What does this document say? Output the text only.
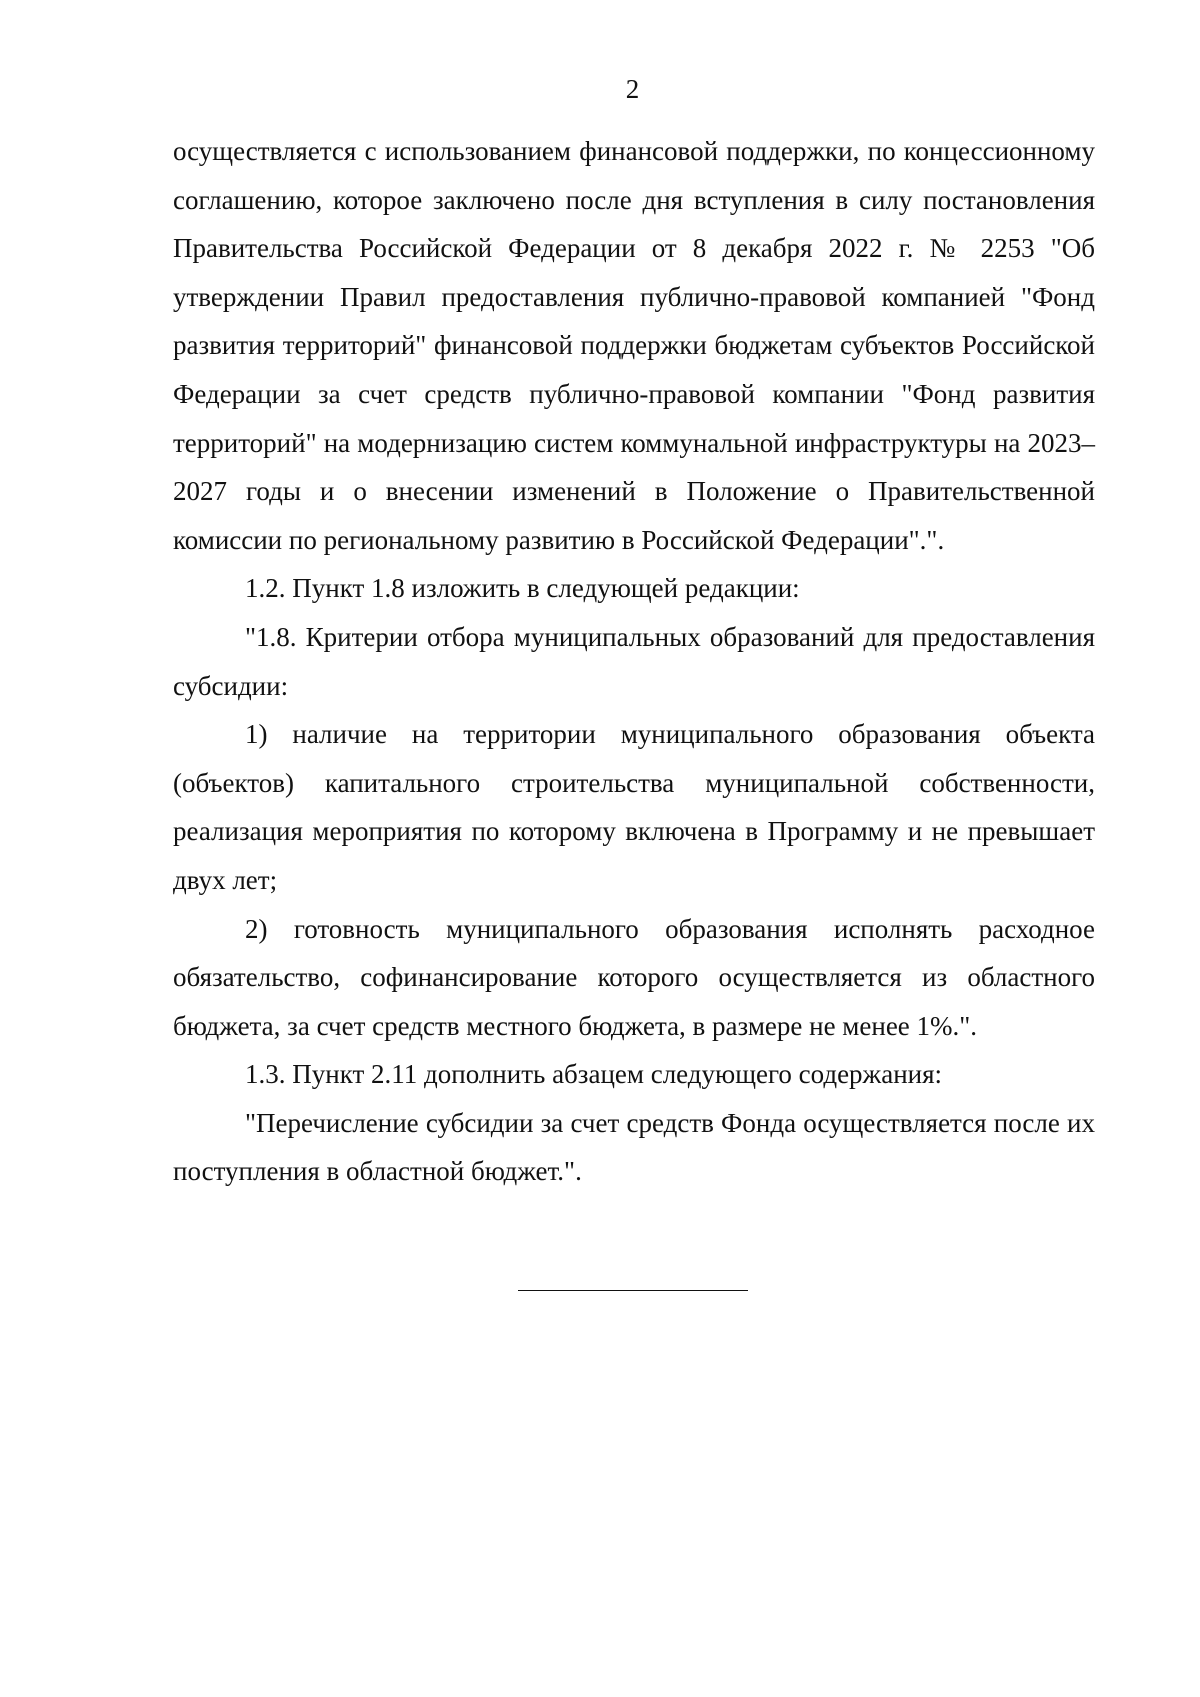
2

осуществляется с использованием финансовой поддержки, по концессионному соглашению, которое заключено после дня вступления в силу постановления Правительства Российской Федерации от 8 декабря 2022 г. № 2253 "Об утверждении Правил предоставления публично-правовой компанией "Фонд развития территорий" финансовой поддержки бюджетам субъектов Российской Федерации за счет средств публично-правовой компании "Фонд развития территорий" на модернизацию систем коммунальной инфраструктуры на 2023–2027 годы и о внесении изменений в Положение о Правительственной комиссии по региональному развитию в Российской Федерации".".

1.2. Пункт 1.8 изложить в следующей редакции:

"1.8. Критерии отбора муниципальных образований для предоставления субсидии:

1) наличие на территории муниципального образования объекта (объектов) капитального строительства муниципальной собственности, реализация мероприятия по которому включена в Программу и не превышает двух лет;

2) готовность муниципального образования исполнять расходное обязательство, софинансирование которого осуществляется из областного бюджета, за счет средств местного бюджета, в размере не менее 1%.".

1.3. Пункт 2.11 дополнить абзацем следующего содержания:

"Перечисление субсидии за счет средств Фонда осуществляется после их поступления в областной бюджет.".
